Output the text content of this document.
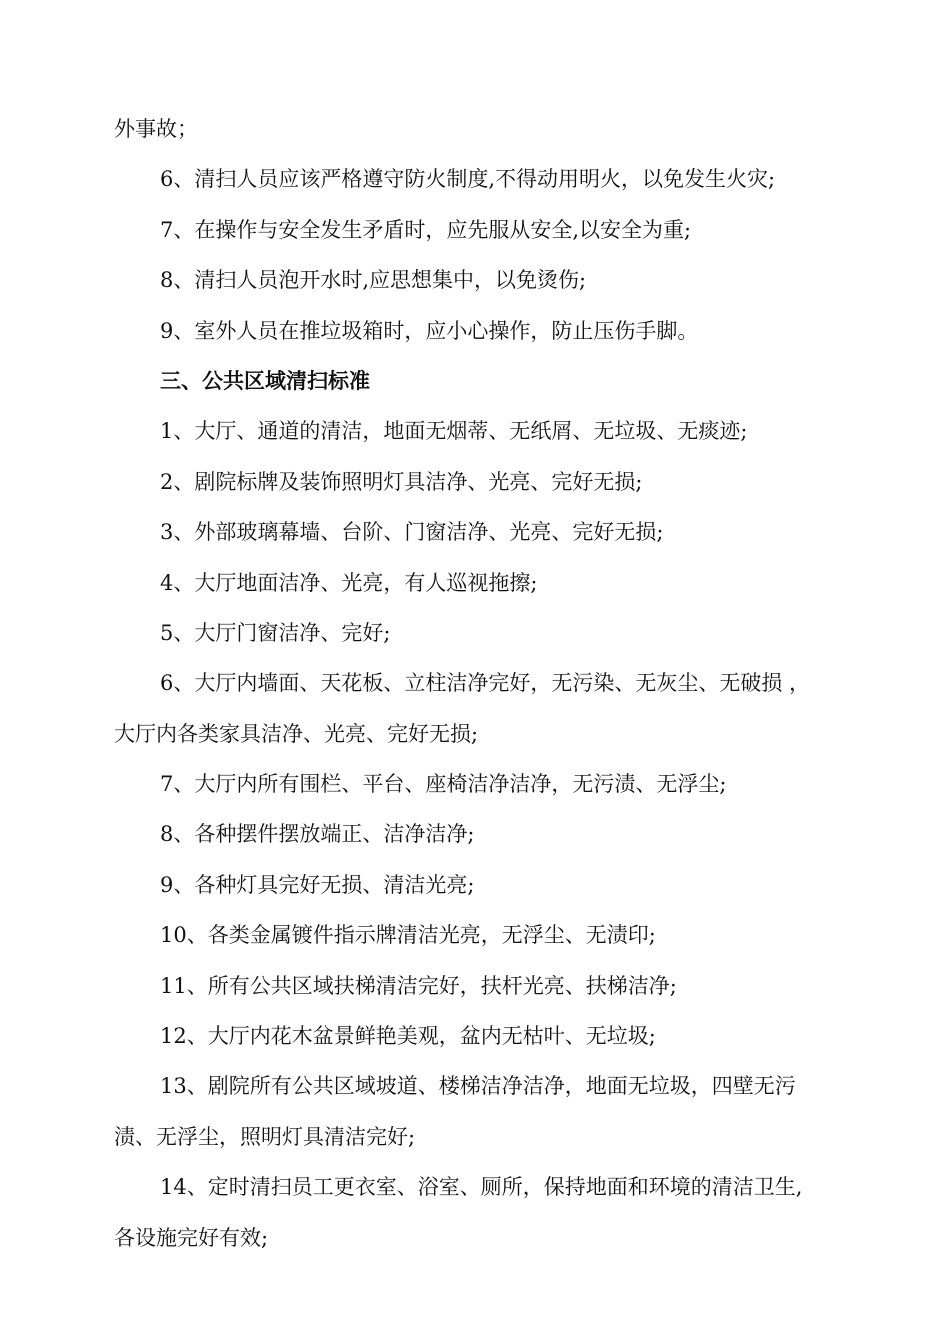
外事故；
6、清扫人员应该严格遵守防火制度,不得动用明火，以免发生火灾;
7、在操作与安全发生矛盾时，应先服从安全,以安全为重;
8、清扫人员泡开水时,应思想集中，以免烫伤;
9、室外人员在推垃圾箱时，应小心操作，防止压伤手脚。
三、公共区域清扫标准
1、大厅、通道的清洁，地面无烟蒂、无纸屑、无垃圾、无痰迹;
2、剧院标牌及装饰照明灯具洁净、光亮、完好无损;
3、外部玻璃幕墙、台阶、门窗洁净、光亮、完好无损;
4、大厅地面洁净、光亮，有人巡视拖擦;
5、大厅门窗洁净、完好;
6、大厅内墙面、天花板、立柱洁净完好，无污染、无灰尘、无破损 ，
大厅内各类家具洁净、光亮、完好无损;
7、大厅内所有围栏、平台、座椅洁净洁净，无污渍、无浮尘;
8、各种摆件摆放端正、洁净洁净;
9、各种灯具完好无损、清洁光亮;
10、各类金属镀件指示牌清洁光亮，无浮尘、无渍印;
11、所有公共区域扶梯清洁完好，扶杆光亮、扶梯洁净;
12、大厅内花木盆景鲜艳美观，盆内无枯叶、无垃圾;
13、剧院所有公共区域坡道、楼梯洁净洁净，地面无垃圾，四壁无污
渍、无浮尘，照明灯具清洁完好;
14、定时清扫员工更衣室、浴室、厕所，保持地面和环境的清洁卫生,
各设施完好有效;
